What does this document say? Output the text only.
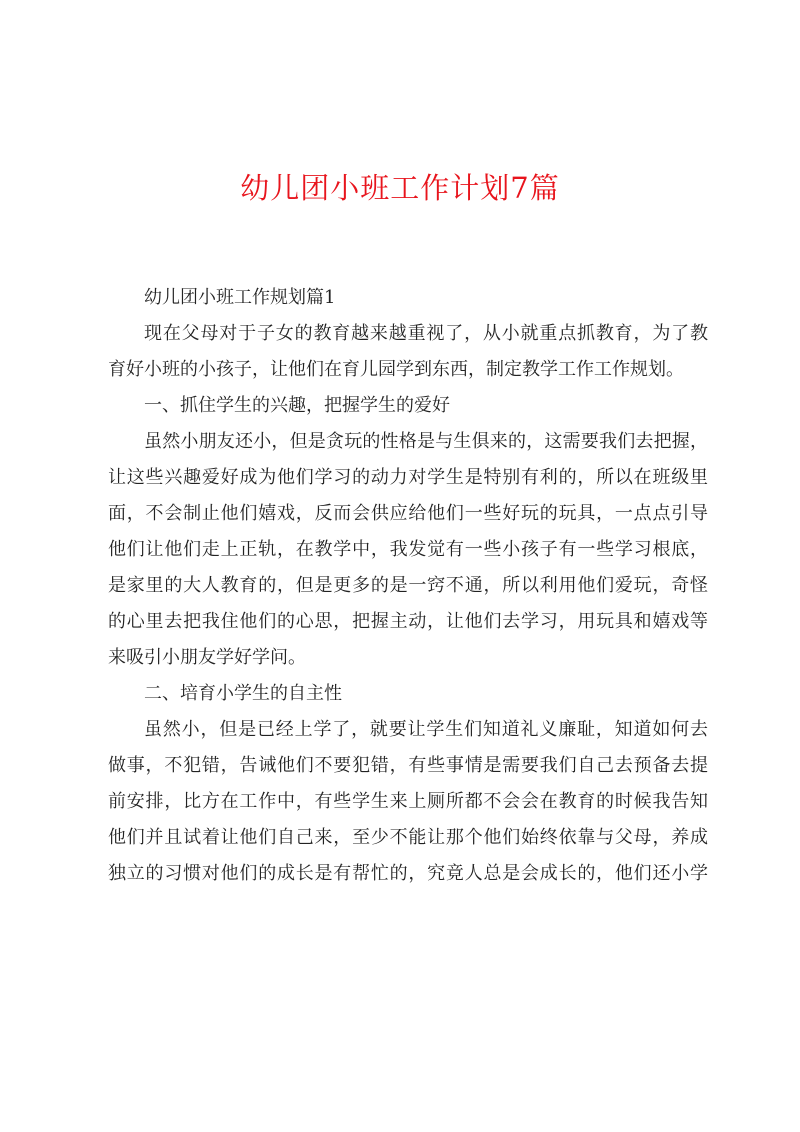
幼儿团小班工作计划7篇
幼儿团小班工作规划篇1
现在父母对于子女的教育越来越重视了，从小就重点抓教育，为了教
育好小班的小孩子，让他们在育儿园学到东西，制定教学工作工作规划。
一、抓住学生的兴趣，把握学生的爱好
虽然小朋友还小，但是贪玩的性格是与生俱来的，这需要我们去把握，
让这些兴趣爱好成为他们学习的动力对学生是特别有利的，所以在班级里
面，不会制止他们嬉戏，反而会供应给他们一些好玩的玩具，一点点引导
他们让他们走上正轨，在教学中，我发觉有一些小孩子有一些学习根底，
是家里的大人教育的，但是更多的是一窍不通，所以利用他们爱玩，奇怪
的心里去把我住他们的心思，把握主动，让他们去学习，用玩具和嬉戏等
来吸引小朋友学好学问。
二、培育小学生的自主性
虽然小，但是已经上学了，就要让学生们知道礼义廉耻，知道如何去
做事，不犯错，告诫他们不要犯错，有些事情是需要我们自己去预备去提
前安排，比方在工作中，有些学生来上厕所都不会会在教育的时候我告知
他们并且试着让他们自己来，至少不能让那个他们始终依靠与父母，养成
独立的习惯对他们的成长是有帮忙的，究竟人总是会成长的，他们还小学
